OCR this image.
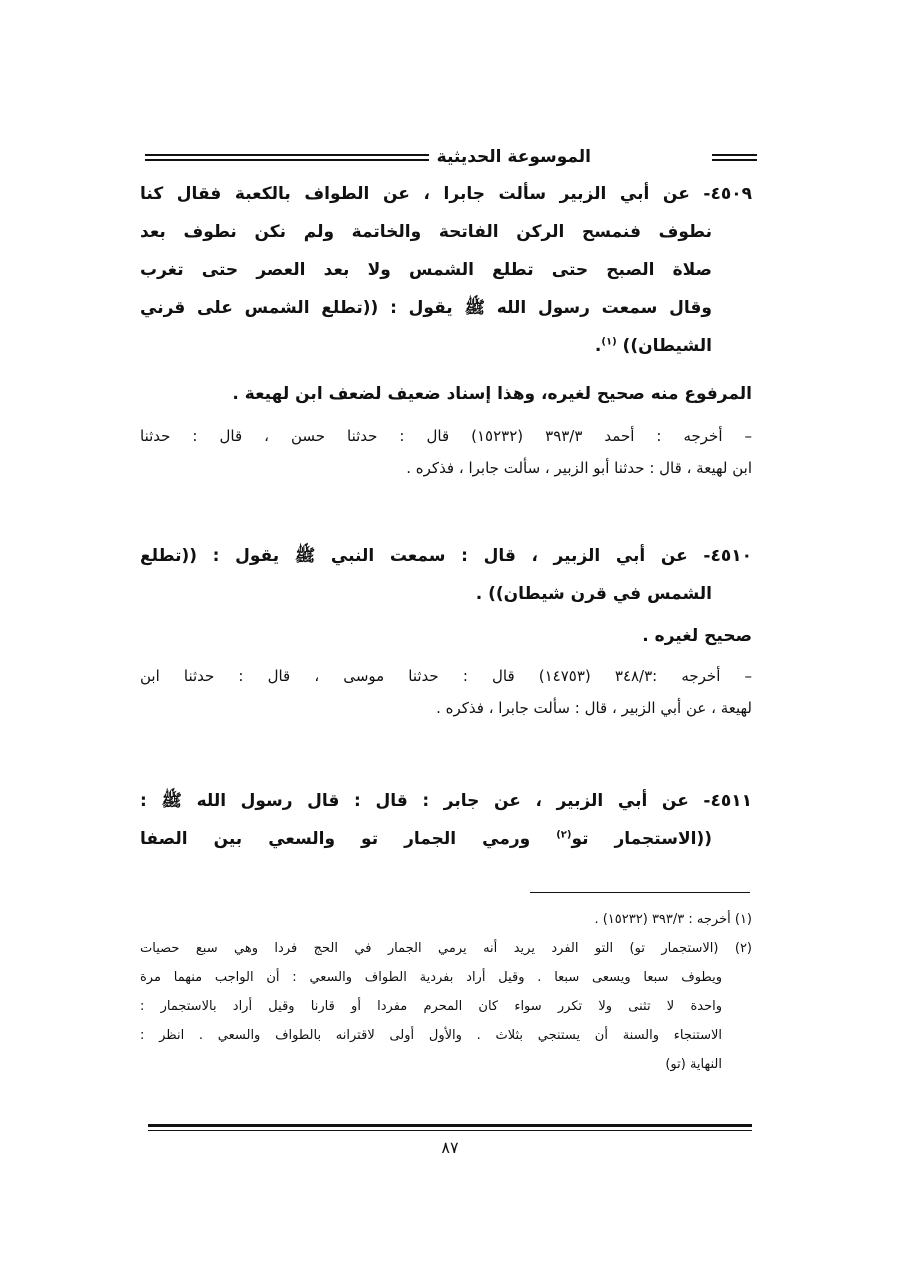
الموسوعة الحديثية
٤٥٠٩- عن أبي الزبير سألت جابرا ، عن الطواف بالكعبة فقال كنا
نطوف فنمسح الركن الفاتحة والخاتمة ولم نكن نطوف بعد
صلاة الصبح حتى تطلع الشمس ولا بعد العصر حتى تغرب
وقال سمعت رسول الله ﷺ يقول : ((تطلع الشمس على قرني
الشيطان)) $^{(١)}$.
المرفوع منه صحيح لغيره، وهذا إسناد ضعيف لضعف ابن لهيعة .
– أخرجه : أحمد ٣٩٣/٣ (١٥٢٣٢) قال : حدثنا حسن ، قال : حدثنا
ابن لهيعة ، قال : حدثنا أبو الزبير ، سألت جابرا ، فذكره .
٤٥١٠- عن أبي الزبير ، قال : سمعت النبي ﷺ يقول : ((تطلع
الشمس في قرن شيطان)) .
صحيح لغيره .
– أخرجه :٣٤٨/٣ (١٤٧٥٣) قال : حدثنا موسى ، قال : حدثنا ابن
لهيعة ، عن أبي الزبير ، قال : سألت جابرا ، فذكره .
٤٥١١- عن أبي الزبير ، عن جابر : قال : قال رسول الله ﷺ :
((الاستجمار تو$^{(٢)}$ ورمي الجمار تو والسعي بين الصفا
(١) أخرجه : ٣٩٣/٣ (١٥٢٣٢) .
(٢) (الاستجمار تو) التو الفرد يريد أنه يرمي الجمار في الحج فردا وهي سبع حصيات
ويطوف سبعا ويسعى سبعا . وقيل أراد بفردية الطواف والسعي : أن الواجب منهما مرة
واحدة لا تثنى ولا تكرر سواء كان المحرم مفردا أو قارنا وقيل أراد بالاستجمار :
الاستنجاء والسنة أن يستنجي بثلاث . والأول أولى لاقترانه بالطواف والسعي . انظر :
النهاية (تو)
٨٧
